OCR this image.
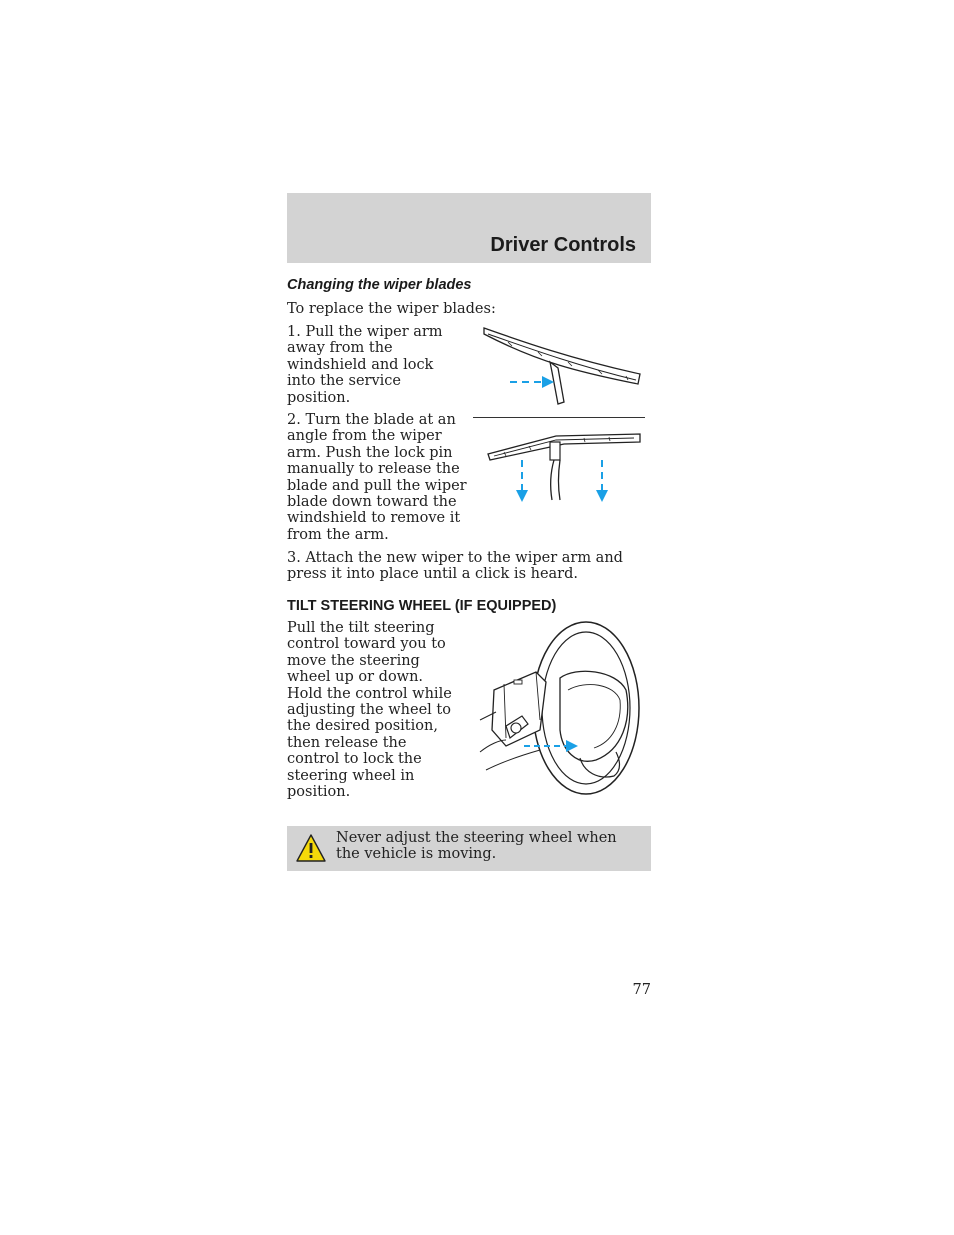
Driver Controls
Changing the wiper blades
To replace the wiper blades:
1. Pull the wiper arm away from the windshield and lock into the service position.
2. Turn the blade at an angle from the wiper arm. Push the lock pin manually to release the blade and pull the wiper blade down toward the windshield to remove it from the arm.
3. Attach the new wiper to the wiper arm and press it into place until a click is heard.
TILT STEERING WHEEL (IF EQUIPPED)
Pull the tilt steering control toward you to move the steering wheel up or down. Hold the control while adjusting the wheel to the desired position, then release the control to lock the steering wheel in position.
Never adjust the steering wheel when the vehicle is moving.
77
